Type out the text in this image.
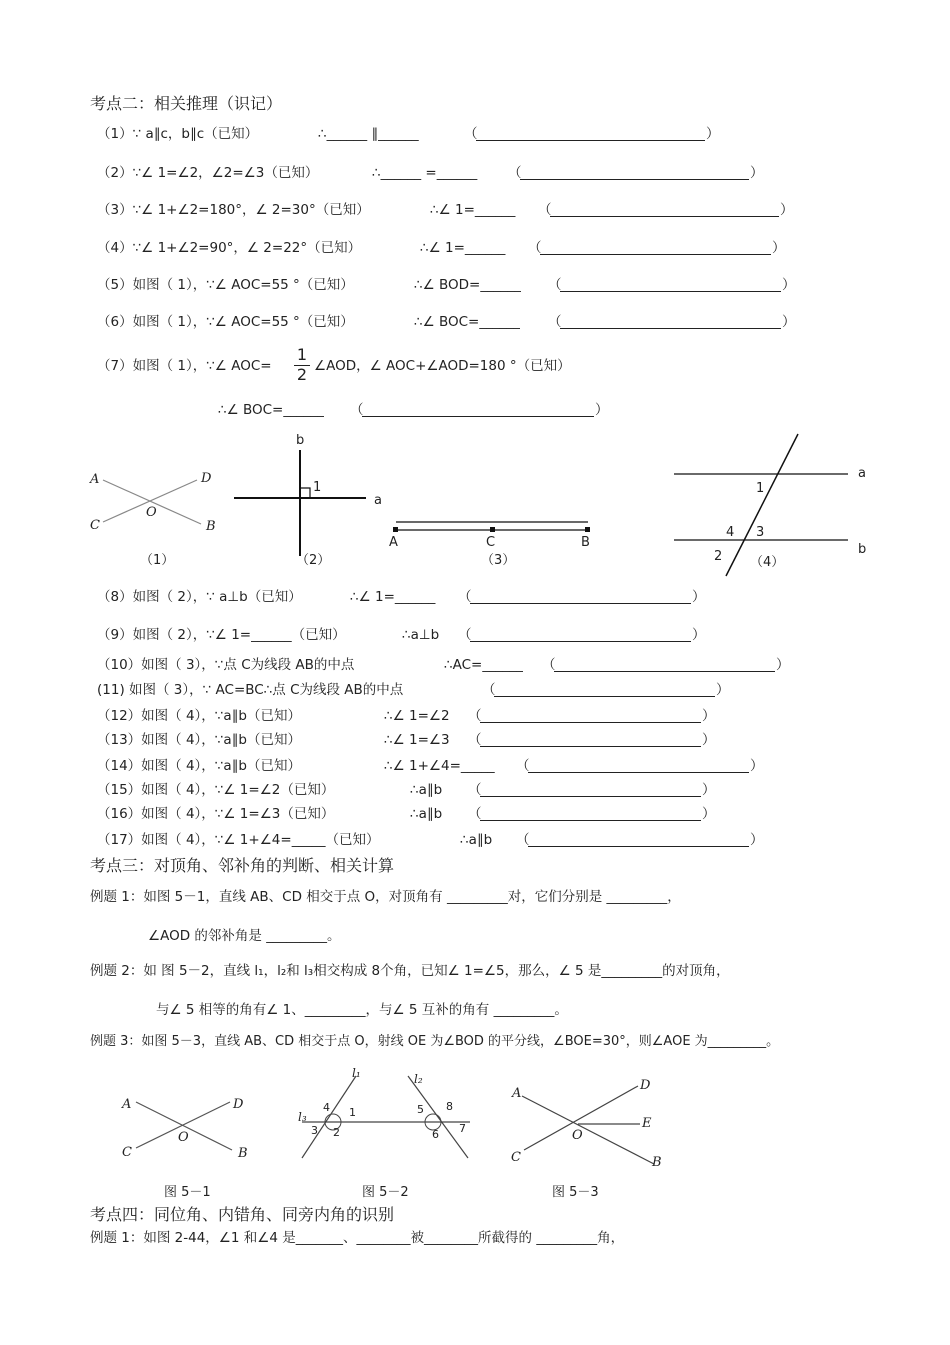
考点二：相关推理（识记）
（1）∵ a∥c，b∥c（已知）	∴______ ∥______	（	）
（2）∵∠ 1=∠2，∠2=∠3（已知）	∴______ =______ （	）
（3）∵∠ 1+∠2=180°，∠ 2=30°（已知）	∴∠ 1=______ （	）
（4）∵∠ 1+∠2=90°，∠ 2=22°（已知）	∴∠ 1=______ （	）
（5）如图（ 1），∵∠ AOC=55 °（已知）	∴∠ BOD=______ （	）
（6）如图（ 1），∵∠ AOC=55 °（已知）	∴∠ BOC=______ （	）
（7）如图（ 1），∵∠ $AOC= \frac{1}{2}$ ∠AOD，∠ AOC+∠AOD=180 °（已知）
∴∠ BOC=______ （	）
A	D
C
O
B
（1）
b
1
a
（2）
A	C	B
（3）
a
b
1
4 3
2 （4）
（8）如图（ 2），∵ a⊥b（已知）	∴∠ 1=______ （	）
（9）如图（ 2），∵∠ 1=______（已知）	∴a⊥b （	）
（10）如图（ 3），∵点 C为线段 AB的中点	∴AC=______ （	）
(11) 如图（ 3），∵ AC=BC∴点 C为线段 AB的中点	（	）
（12）如图（ 4），∵a∥b（已知）	∴∠ 1=∠2 （	）
（13）如图（ 4），∵a∥b（已知）	∴∠ 1=∠3 （	）
（14）如图（ 4），∵a∥b（已知）	∴∠ 1+∠4=_____ （	）
（15）如图（ 4），∵∠ 1=∠2（已知）	∴a∥b （	）
（16）如图（ 4），∵∠ 1=∠3（已知）	∴a∥b （	）
（17）如图（ 4），∵∠ 1+∠4=_____（已知）	∴a∥b （	）
考点三：对顶角、邻补角的判断、相关计算
例题 1：如图 5－1，直线 AB、CD 相交于点 O，对顶角有 _________对，它们分别是 _________，
∠AOD 的邻补角是 _________。
例题 2：如 图 5－2，直线 l₁，l₂和 l₃相交构成 8个角，已知∠ 1=∠5，那么，∠ 5 是_________的对顶角，
与∠ 5 相等的角有∠ 1、_________，与∠ 5 互补的角有 _________。
例题 3：如图 5－3，直线 AB、CD 相交于点 O，射线 OE 为∠BOD 的平分线，∠BOE=30°，则∠AOE 为_________。
A	D
C
O
B
图 5－1
l₁	l₂
l₃	1
2
3
4	5
6 7
8
图 5－2
A
D
E
O
C	B
图 5－3
考点四：同位角、内错角、同旁内角的识别
例题 1：如图 2-44，∠1 和∠4 是_______、________被________所截得的 _________角，
